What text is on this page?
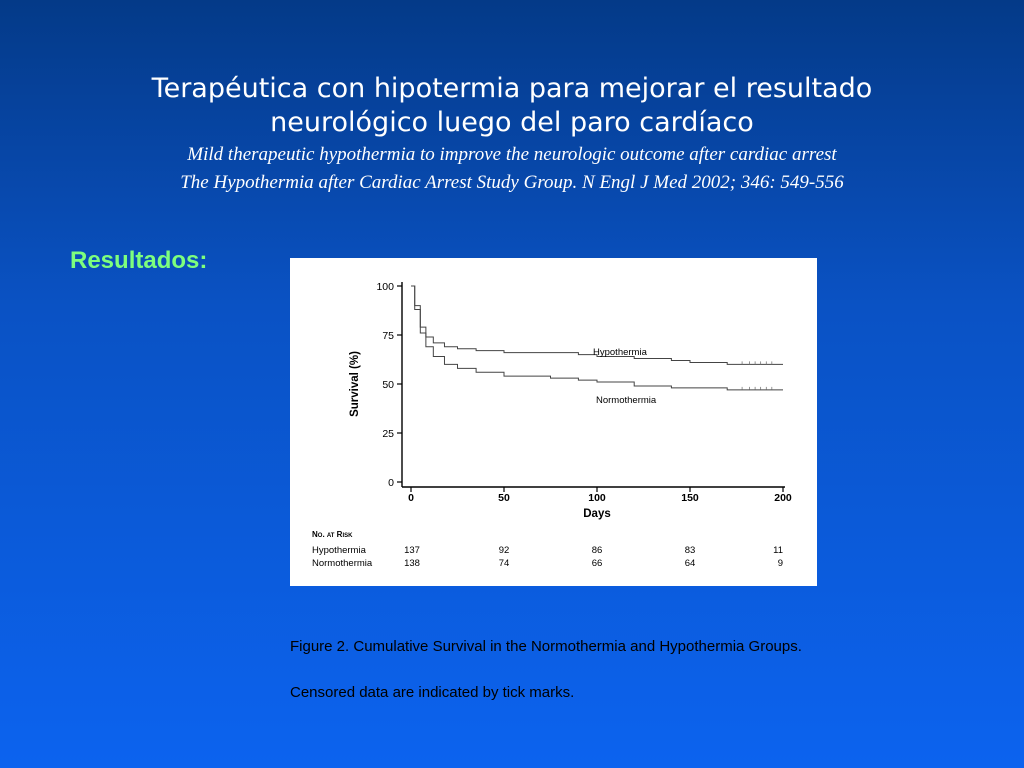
Terapéutica con hipotermia para mejorar el resultado
neurológico luego del paro cardíaco
Mild therapeutic hypothermia to improve the neurologic outcome after cardiac arrest
The Hypothermia after Cardiac Arrest Study Group. N Engl J Med 2002; 346: 549-556
Resultados:
0
25
50
75
100
0	50	100	150	200
Days
Survival (%)	Hypothermia
Normothermia
No. at Risk
Hypothermia	137	92	86	83	11
Normothermia	138	74	66	64	9
Figure 2. Cumulative Survival in the Normothermia and Hypothermia Groups.
Censored data are indicated by tick marks.
